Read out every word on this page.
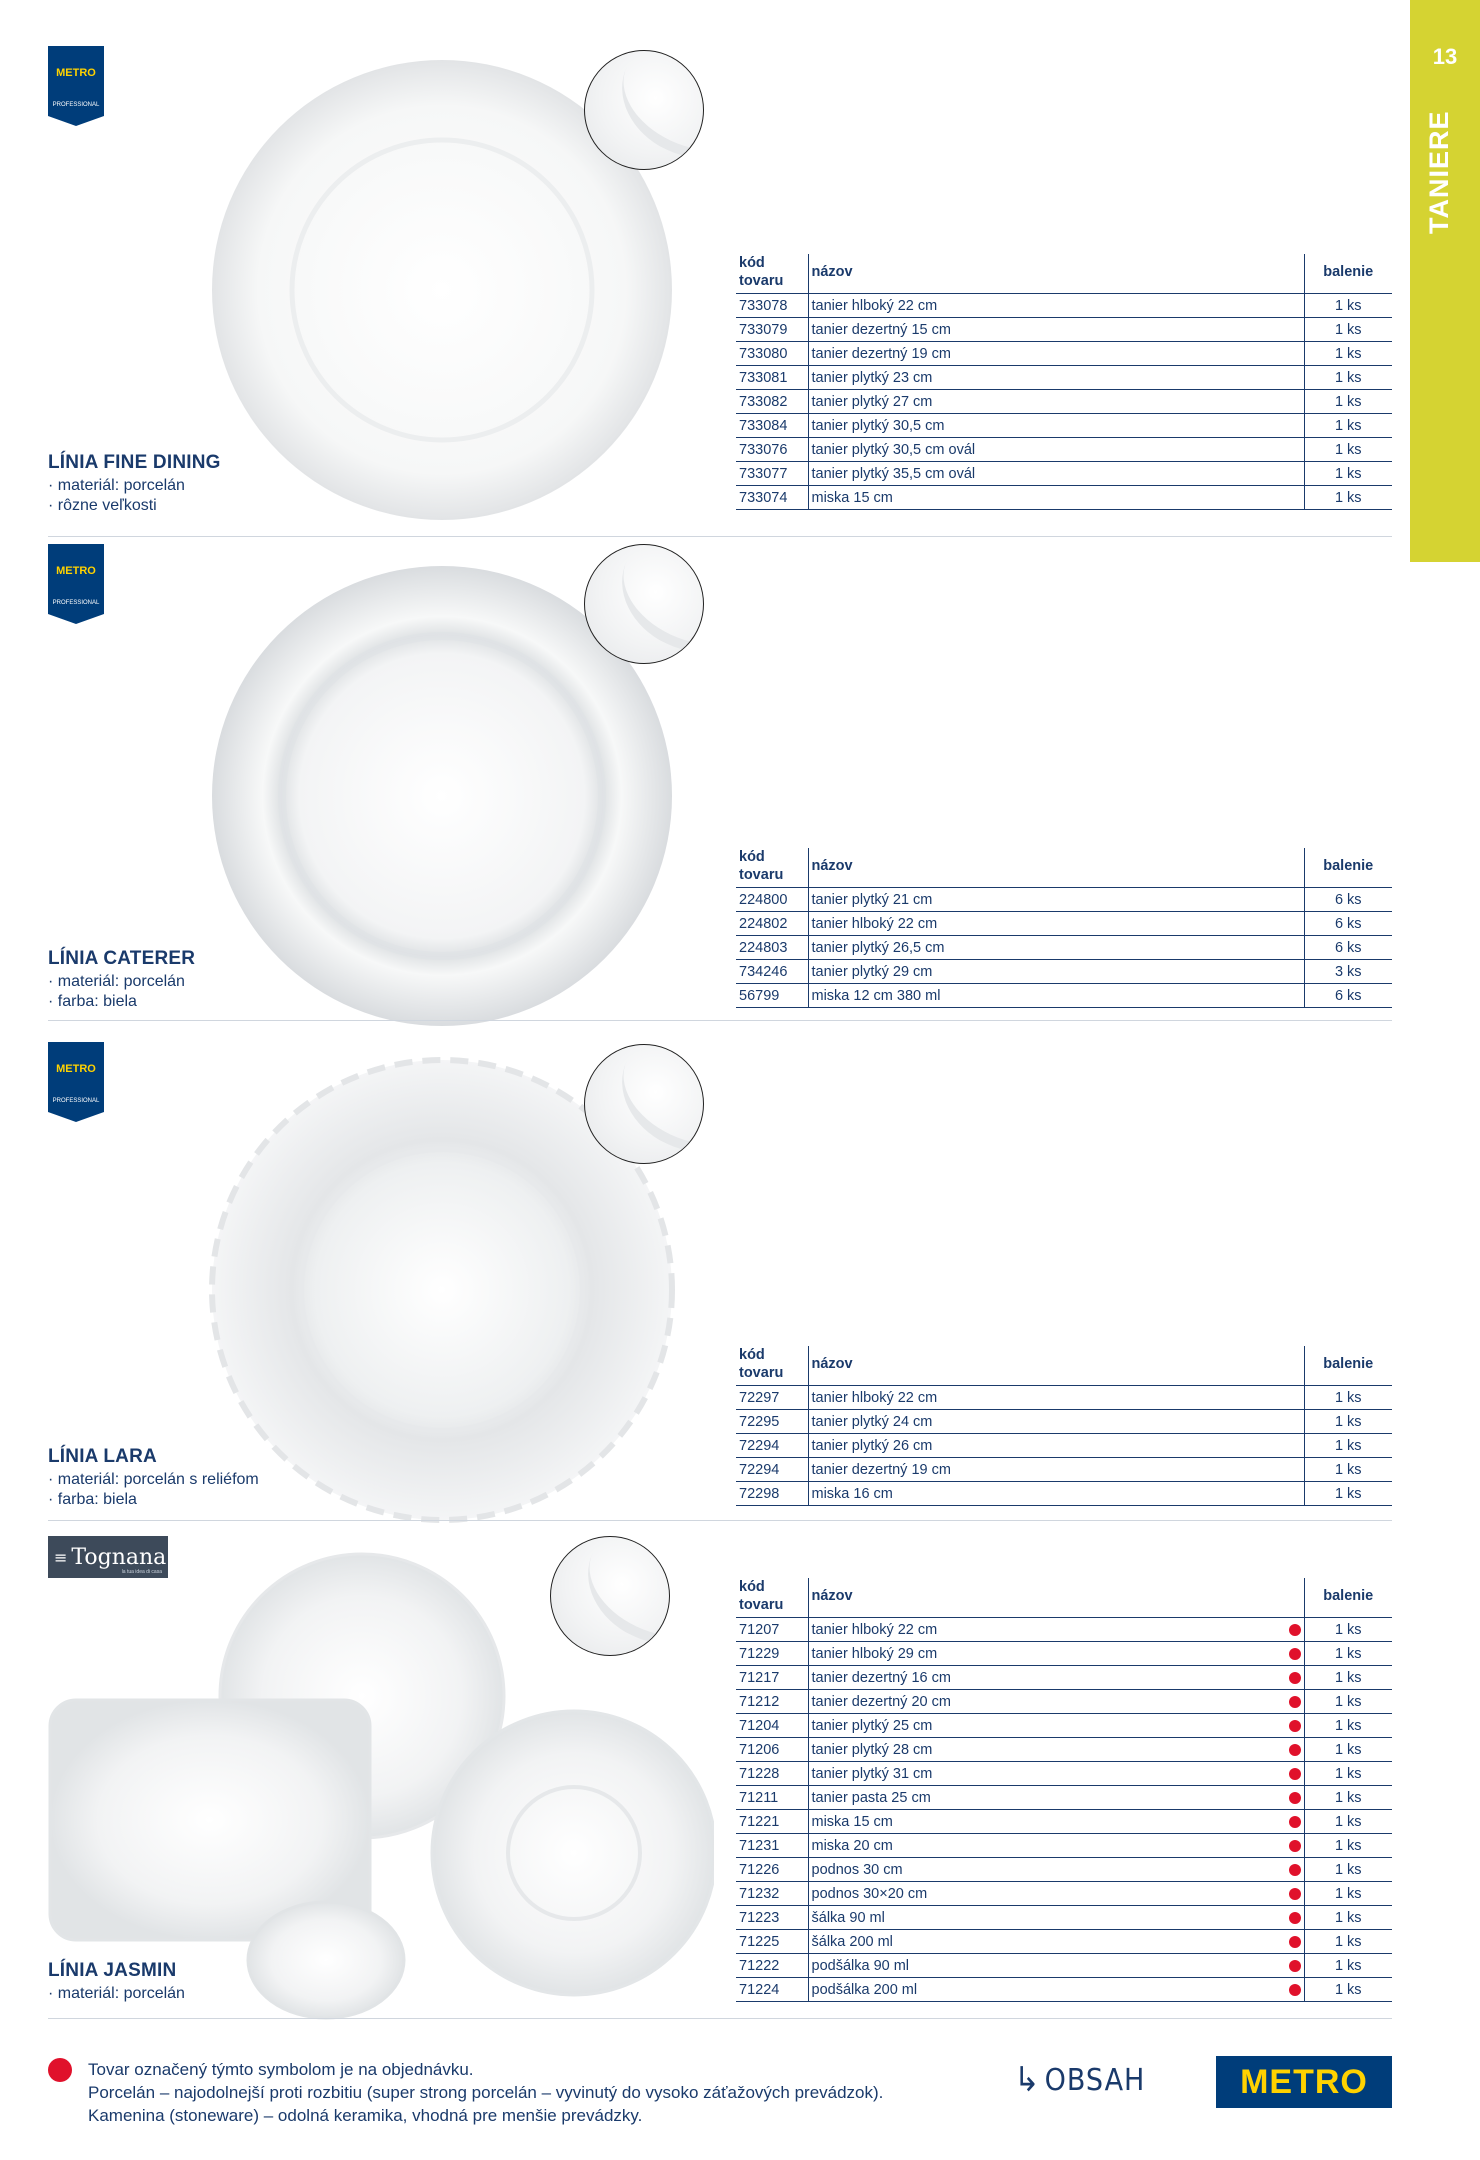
13
TANIERE
METRO
PROFESSIONAL
LÍNIA FINE DINING
· materiál: porcelán
· rôzne veľkosti
kód tovaru	názov	balenie
733078	tanier hlboký 22 cm	1 ks
733079	tanier dezertný 15 cm	1 ks
733080	tanier dezertný 19 cm	1 ks
733081	tanier plytký 23 cm	1 ks
733082	tanier plytký 27 cm	1 ks
733084	tanier plytký 30,5 cm	1 ks
733076	tanier plytký 30,5 cm ovál	1 ks
733077	tanier plytký 35,5 cm ovál	1 ks
733074	miska 15 cm	1 ks
METRO
PROFESSIONAL
LÍNIA CATERER
· materiál: porcelán
· farba: biela
kód tovaru	názov	balenie
224800	tanier plytký 21 cm	6 ks
224802	tanier hlboký 22 cm	6 ks
224803	tanier plytký 26,5 cm	6 ks
734246	tanier plytký 29 cm	3 ks
56799	miska 12 cm 380 ml	6 ks
METRO
PROFESSIONAL
LÍNIA LARA
· materiál: porcelán s reliéfom
· farba: biela
kód tovaru	názov	balenie
72297	tanier hlboký 22 cm	1 ks
72295	tanier plytký 24 cm	1 ks
72294	tanier plytký 26 cm	1 ks
72294	tanier dezertný 19 cm	1 ks
72298	miska 16 cm	1 ks
≡ Tognana
la tua idea di casa
LÍNIA JASMIN
· materiál: porcelán
kód tovaru	názov		balenie
71207	tanier hlboký 22 cm		1 ks
71229	tanier hlboký 29 cm		1 ks
71217	tanier dezertný 16 cm		1 ks
71212	tanier dezertný 20 cm		1 ks
71204	tanier plytký 25 cm		1 ks
71206	tanier plytký 28 cm		1 ks
71228	tanier plytký 31 cm		1 ks
71211	tanier pasta 25 cm		1 ks
71221	miska 15 cm		1 ks
71231	miska 20 cm		1 ks
71226	podnos 30 cm		1 ks
71232	podnos 30×20 cm		1 ks
71223	šálka 90 ml		1 ks
71225	šálka 200 ml		1 ks
71222	podšálka 90 ml		1 ks
71224	podšálka 200 ml		1 ks
Tovar označený týmto symbolom je na objednávku.
Porcelán – najodolnejší proti rozbitiu (super strong porcelán – vyvinutý do vysoko záťažových prevádzok).
Kamenina (stoneware) – odolná keramika, vhodná pre menšie prevádzky.
↳ OBSAH	METRO
